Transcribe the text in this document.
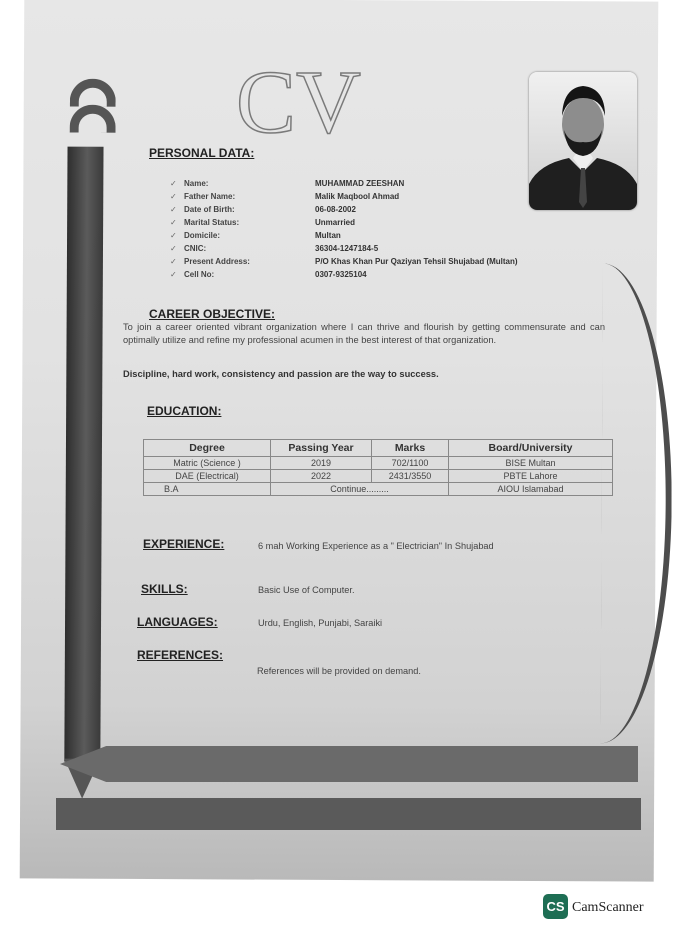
CV
PERSONAL DATA:
✓ Name:	MUHAMMAD ZEESHAN
✓ Father Name:	Malik Maqbool Ahmad
✓ Date of Birth:	06-08-2002
✓ Marital Status:	Unmarried
✓ Domicile:	Multan
✓ CNIC:	36304-1247184-5
✓ Present Address:	P/O Khas Khan Pur Qaziyan Tehsil Shujabad (Multan)
✓ Cell No:	0307-9325104
CAREER OBJECTIVE:
To join a career oriented vibrant organization where I can thrive and flourish by getting commensurate and can optimally utilize and refine my professional acumen in the best interest of that organization.
Discipline, hard work, consistency and passion are the way to success.
EDUCATION:
Degree	Passing Year	Marks	Board/University
Matric (Science )	2019	702/1100	BISE Multan
DAE (Electrical)	2022	2431/3550	PBTE Lahore
B.A	Continue.........		AIOU Islamabad
EXPERIENCE:	6 mah Working Experience as a " Electrician" In Shujabad
SKILLS:	Basic Use of Computer.
LANGUAGES:	Urdu, English, Punjabi, Saraiki
REFERENCES:
References will be provided on demand.
CS CamScanner
